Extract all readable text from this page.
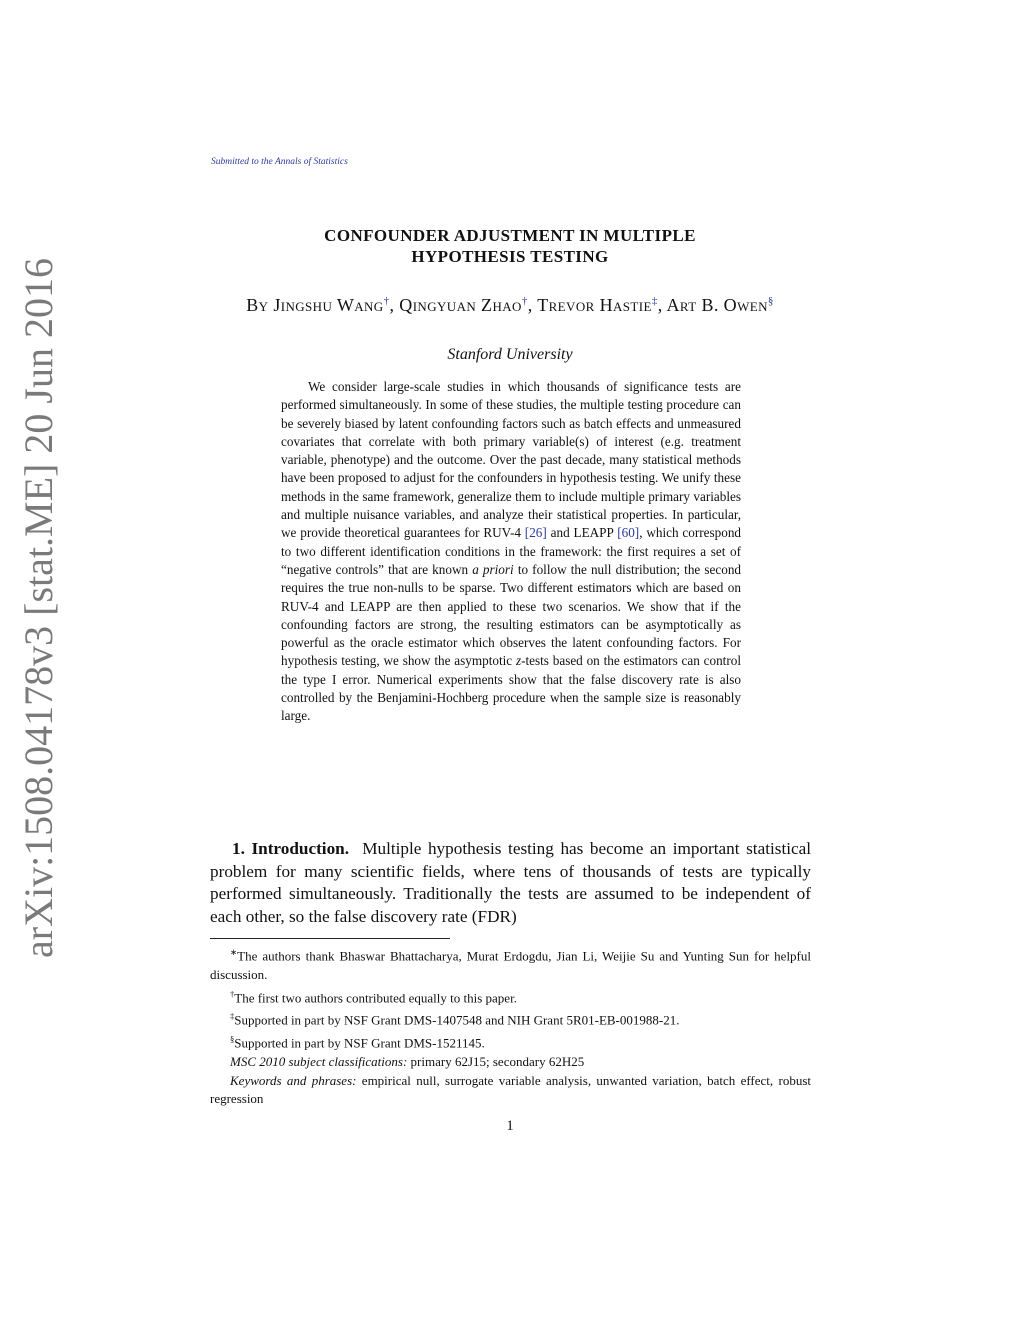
arXiv:1508.04178v3 [stat.ME] 20 Jun 2016
Submitted to the Annals of Statistics
CONFOUNDER ADJUSTMENT IN MULTIPLE
HYPOTHESIS TESTING
By Jingshu Wang†, Qingyuan Zhao†, Trevor Hastie‡, Art B. Owen§
Stanford University

We consider large-scale studies in which thousands of significance tests are performed simultaneously. In some of these studies, the multiple testing procedure can be severely biased by latent confounding factors such as batch effects and unmeasured covariates that correlate with both primary variable(s) of interest (e.g. treatment variable, phenotype) and the outcome. Over the past decade, many statistical methods have been proposed to adjust for the confounders in hypothesis testing. We unify these methods in the same framework, generalize them to include multiple primary variables and multiple nuisance variables, and analyze their statistical properties. In particular, we provide theoretical guarantees for RUV-4 [26] and LEAPP [60], which correspond to two different identification conditions in the framework: the first requires a set of “negative controls” that are known a priori to follow the null distribution; the second requires the true non-nulls to be sparse. Two different estimators which are based on RUV-4 and LEAPP are then applied to these two scenarios. We show that if the confounding factors are strong, the resulting estimators can be asymptotically as powerful as the oracle estimator which observes the latent confounding factors. For hypothesis testing, we show the asymptotic z-tests based on the estimators can control the type I error. Numerical experiments show that the false discovery rate is also controlled by the Benjamini-Hochberg procedure when the sample size is reasonably large.

1. Introduction. Multiple hypothesis testing has become an important statistical problem for many scientific fields, where tens of thousands of tests are typically performed simultaneously. Traditionally the tests are assumed to be independent of each other, so the false discovery rate (FDR)

∗The authors thank Bhaswar Bhattacharya, Murat Erdogdu, Jian Li, Weijie Su and Yunting Sun for helpful discussion.

†The first two authors contributed equally to this paper.

‡Supported in part by NSF Grant DMS-1407548 and NIH Grant 5R01-EB-001988-21.

§Supported in part by NSF Grant DMS-1521145.

MSC 2010 subject classifications: primary 62J15; secondary 62H25

Keywords and phrases: empirical null, surrogate variable analysis, unwanted variation, batch effect, robust regression

1
